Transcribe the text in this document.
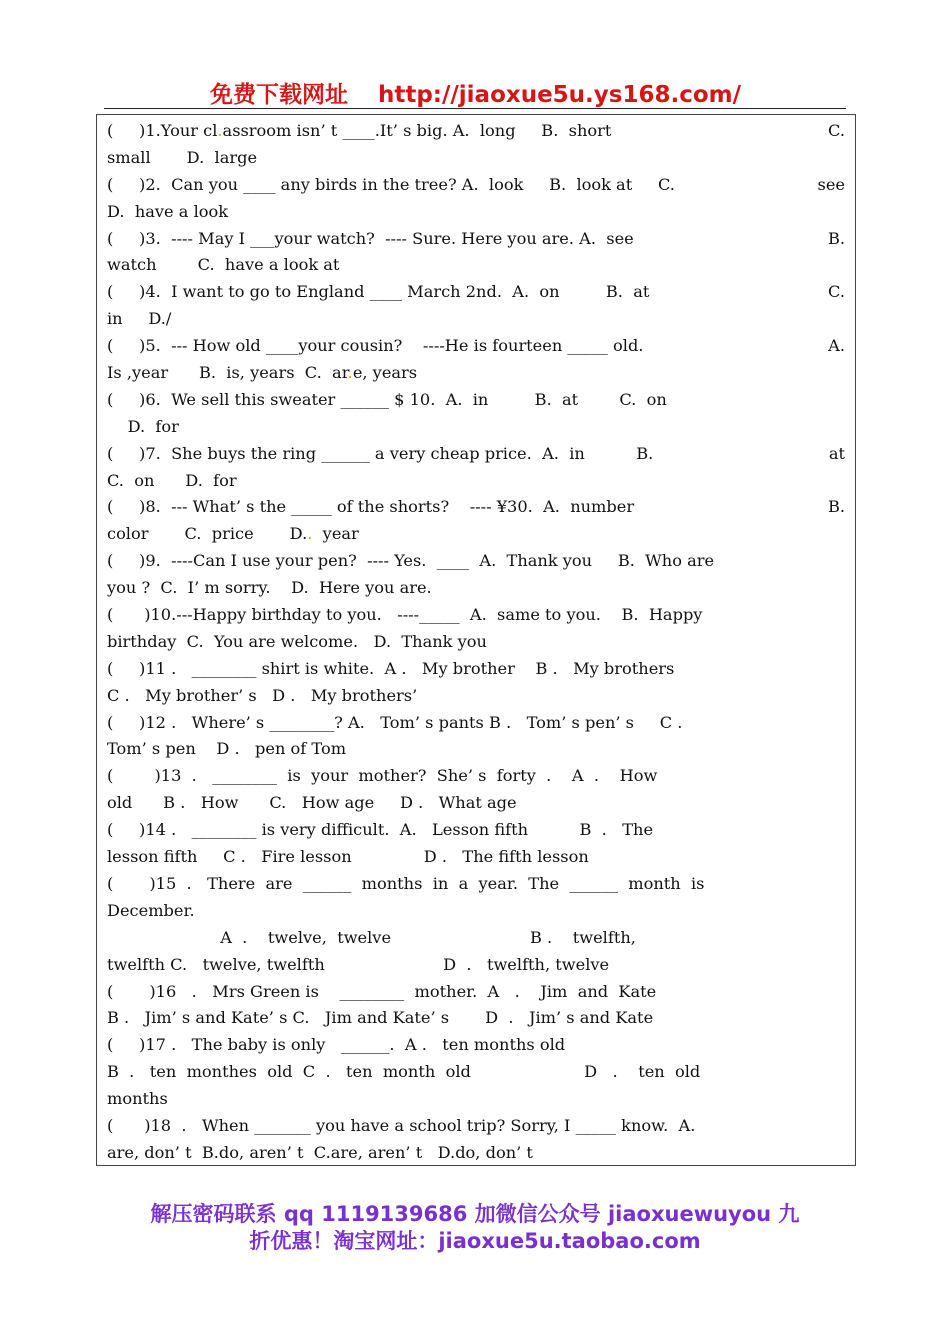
免费下载网址 http://jiaoxue5u.ys168.com/
(     )1.Your cl.assroom isn’ t ____.It’ s big. A.  long     B.  short	C.
small       D.  large
(     )2.  Can you ____ any birds in the tree? A.  look     B.  look at     C.	see
D.  have a look
(     )3.  ---- May I ___your watch?  ---- Sure. Here you are. A.  see	B.
watch        C.  have a look at
(     )4.  I want to go to England ____ March 2nd.  A.  on         B.  at	C.
in     D./
(     )5.  --- How old ____your cousin?    ----He is fourteen _____ old.	A.
Is ,year      B.  is, years  C.  ar.e, years
(     )6.  We sell this sweater ______ $ 10.  A.  in         B.  at        C.  on
D.  for
(     )7.  She buys the ring ______ a very cheap price.  A.  in          B.	at
C.  on      D.  for
(     )8.  --- What’ s the _____ of the shorts?    ---- ¥30.  A.  number	B.
color       C.  price       D..  year
(     )9.  ----Can I use your pen?  ---- Yes.  ____  A.  Thank you     B.  Who are
you ?  C.  I’ m sorry.    D.  Here you are.
(      )10.---Happy birthday to you.   ----_____  A.  same to you.    B.  Happy
birthday  C.  You are welcome.   D.  Thank you
(     )11 .   ________ shirt is white.  A .   My brother    B .   My brothers
C .   My brother’ s   D .   My brothers’
(     )12 .   Where’ s ________? A.   Tom’ s pants B .   Tom’ s pen’ s     C .
Tom’ s pen    D .   pen of Tom
(        )13  .   ________  is  your  mother?  She’ s  forty  .    A  .    How
old      B .   How      C.   How age     D .   What age
(     )14 .   ________ is very difficult.  A.   Lesson fifth          B  .   The
lesson fifth     C .   Fire lesson              D .   The fifth lesson
(       )15  .   There  are  ______  months  in  a  year.  The  ______  month  is
December.
A  .    twelve,  twelve                           B .    twelfth,
twelfth C.   twelve, twelfth                       D  .   twelfth, twelve
(       )16   .   Mrs Green is    ________  mother.  A   .    Jim  and  Kate
B .   Jim’ s and Kate’ s C.   Jim and Kate’ s       D  .   Jim’ s and Kate
(     )17 .   The baby is only   ______.  A .   ten months old
B  .   ten  monthes  old  C  .   ten  month  old                      D   .    ten  old
months
(      )18  .   When _______ you have a school trip? Sorry, I _____ know.  A.
are, don’ t  B.do, aren’ t  C.are, aren’ t   D.do, don’ t
解压密码联系 qq 1119139686 加微信公众号 jiaoxuewuyou 九
折优惠！淘宝网址：jiaoxue5u.taobao.com
